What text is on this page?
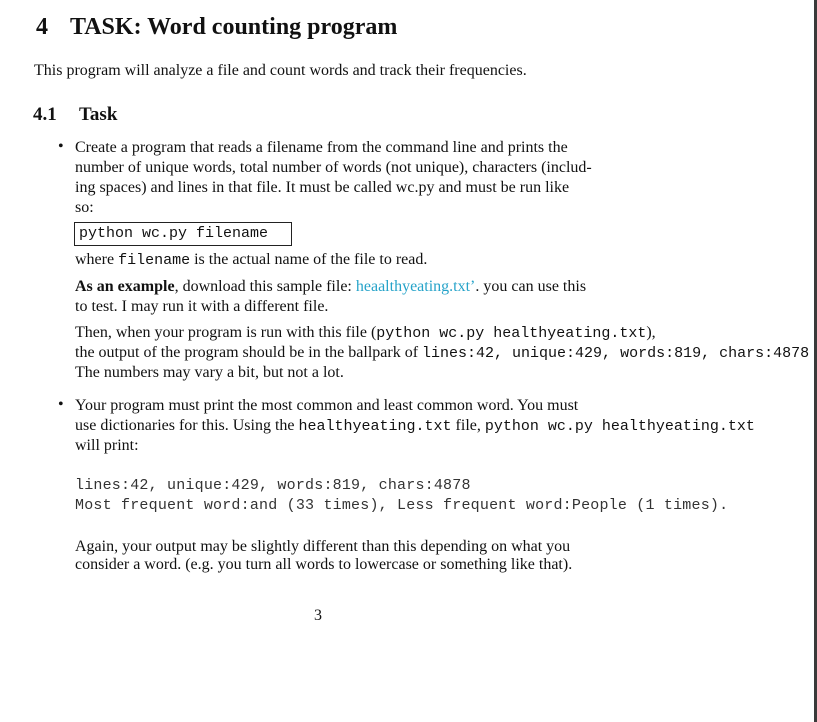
4 TASK: Word counting program
This program will analyze a file and count words and track their frequencies.
4.1 Task
• Create a program that reads a filename from the command line and prints the
number of unique words, total number of words (not unique), characters (includ-
ing spaces) and lines in that file. It must be called wc.py and must be run like
so:
python wc.py filename
where filename is the actual name of the file to read.
As an example, download this sample file: heaalthyeating.txt’. you can use this
to test. I may run it with a different file.
Then, when your program is run with this file (python wc.py healthyeating.txt),
the output of the program should be in the ballpark of lines:42, unique:429, words:819, chars:4878
The numbers may vary a bit, but not a lot.
• Your program must print the most common and least common word. You must
use dictionaries for this. Using the healthyeating.txt file, python wc.py healthyeating.txt
will print:
lines:42, unique:429, words:819, chars:4878
Most frequent word:and (33 times), Less frequent word:People (1 times).
Again, your output may be slightly different than this depending on what you
consider a word. (e.g. you turn all words to lowercase or something like that).
3
